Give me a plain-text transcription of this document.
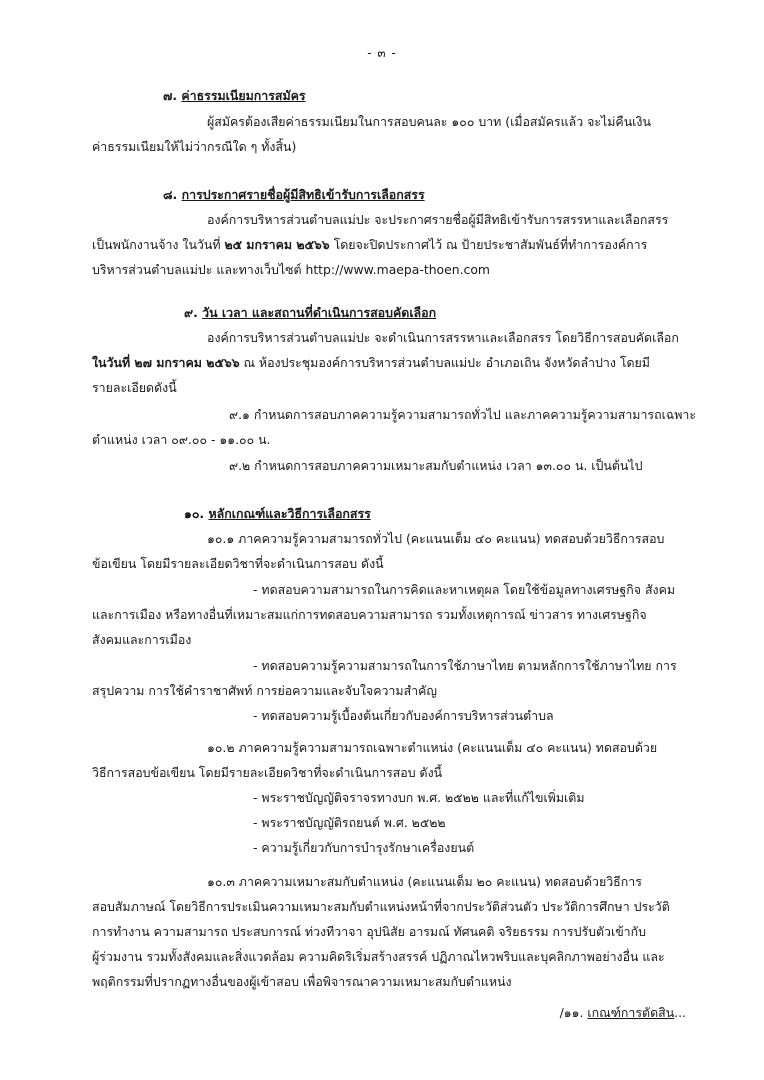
- ๓ -
๗. ค่าธรรมเนียมการสมัคร
ผู้สมัครต้องเสียค่าธรรมเนียมในการสอบคนละ ๑๐๐ บาท (เมื่อสมัครแล้ว จะไม่คืนเงิน
ค่าธรรมเนียมให้ไม่ว่ากรณีใด ๆ ทั้งสิ้น)
๘. การประกาศรายชื่อผู้มีสิทธิเข้ารับการเลือกสรร
องค์การบริหารส่วนตำบลแม่ปะ จะประกาศรายชื่อผู้มีสิทธิเข้ารับการสรรหาและเลือกสรร
เป็นพนักงานจ้าง ในวันที่ ๒๕ มกราคม ๒๕๖๖ โดยจะปิดประกาศไว้ ณ ป้ายประชาสัมพันธ์ที่ทำการองค์การ
บริหารส่วนตำบลแม่ปะ และทางเว็บไซต์ http://www.maepa-thoen.com
๙. วัน เวลา และสถานที่ดำเนินการสอบคัดเลือก
องค์การบริหารส่วนตำบลแม่ปะ จะดำเนินการสรรหาและเลือกสรร โดยวิธีการสอบคัดเลือก
ในวันที่ ๒๗ มกราคม ๒๕๖๖ ณ ห้องประชุมองค์การบริหารส่วนตำบลแม่ปะ อำเภอเถิน จังหวัดลำปาง โดยมี
รายละเอียดดังนี้
๙.๑ กำหนดการสอบภาคความรู้ความสามารถทั่วไป และภาคความรู้ความสามารถเฉพาะ
ตำแหน่ง เวลา ๐๙.๐๐ - ๑๑.๐๐ น.
๙.๒ กำหนดการสอบภาคความเหมาะสมกับตำแหน่ง เวลา ๑๓.๐๐ น. เป็นต้นไป
๑๐. หลักเกณฑ์และวิธีการเลือกสรร
๑๐.๑ ภาคความรู้ความสามารถทั่วไป (คะแนนเต็ม ๔๐ คะแนน) ทดสอบด้วยวิธีการสอบ
ข้อเขียน โดยมีรายละเอียดวิชาที่จะดำเนินการสอบ ดังนี้
- ทดสอบความสามารถในการคิดและหาเหตุผล โดยใช้ข้อมูลทางเศรษฐกิจ สังคม
และการเมือง หรือทางอื่นที่เหมาะสมแก่การทดสอบความสามารถ รวมทั้งเหตุการณ์ ข่าวสาร ทางเศรษฐกิจ
สังคมและการเมือง
- ทดสอบความรู้ความสามารถในการใช้ภาษาไทย ตามหลักการใช้ภาษาไทย การ
สรุปความ การใช้คำราชาศัพท์ การย่อความและจับใจความสำคัญ
- ทดสอบความรู้เบื้องต้นเกี่ยวกับองค์การบริหารส่วนตำบล
๑๐.๒ ภาคความรู้ความสามารถเฉพาะตำแหน่ง (คะแนนเต็ม ๔๐ คะแนน) ทดสอบด้วย
วิธีการสอบข้อเขียน โดยมีรายละเอียดวิชาที่จะดำเนินการสอบ ดังนี้
- พระราชบัญญัติจราจรทางบก พ.ศ. ๒๕๒๒ และที่แก้ไขเพิ่มเติม
- พระราชบัญญัติรถยนต์ พ.ศ. ๒๕๒๒
- ความรู้เกี่ยวกับการบำรุงรักษาเครื่องยนต์
๑๐.๓ ภาคความเหมาะสมกับตำแหน่ง (คะแนนเต็ม ๒๐ คะแนน) ทดสอบด้วยวิธีการ
สอบสัมภาษณ์ โดยวิธีการประเมินความเหมาะสมกับตำแหน่งหน้าที่จากประวัติส่วนตัว ประวัติการศึกษา ประวัติ
การทำงาน ความสามารถ ประสบการณ์ ท่วงทีวาจา อุปนิสัย อารมณ์ ทัศนคติ จริยธรรม การปรับตัวเข้ากับ
ผู้ร่วมงาน รวมทั้งสังคมและสิ่งแวดล้อม ความคิดริเริ่มสร้างสรรค์ ปฏิภาณไหวพริบและบุคลิกภาพอย่างอื่น และ
พฤติกรรมที่ปรากฏทางอื่นของผู้เข้าสอบ เพื่อพิจารณาความเหมาะสมกับตำแหน่ง
/๑๑. เกณฑ์การตัดสิน...
